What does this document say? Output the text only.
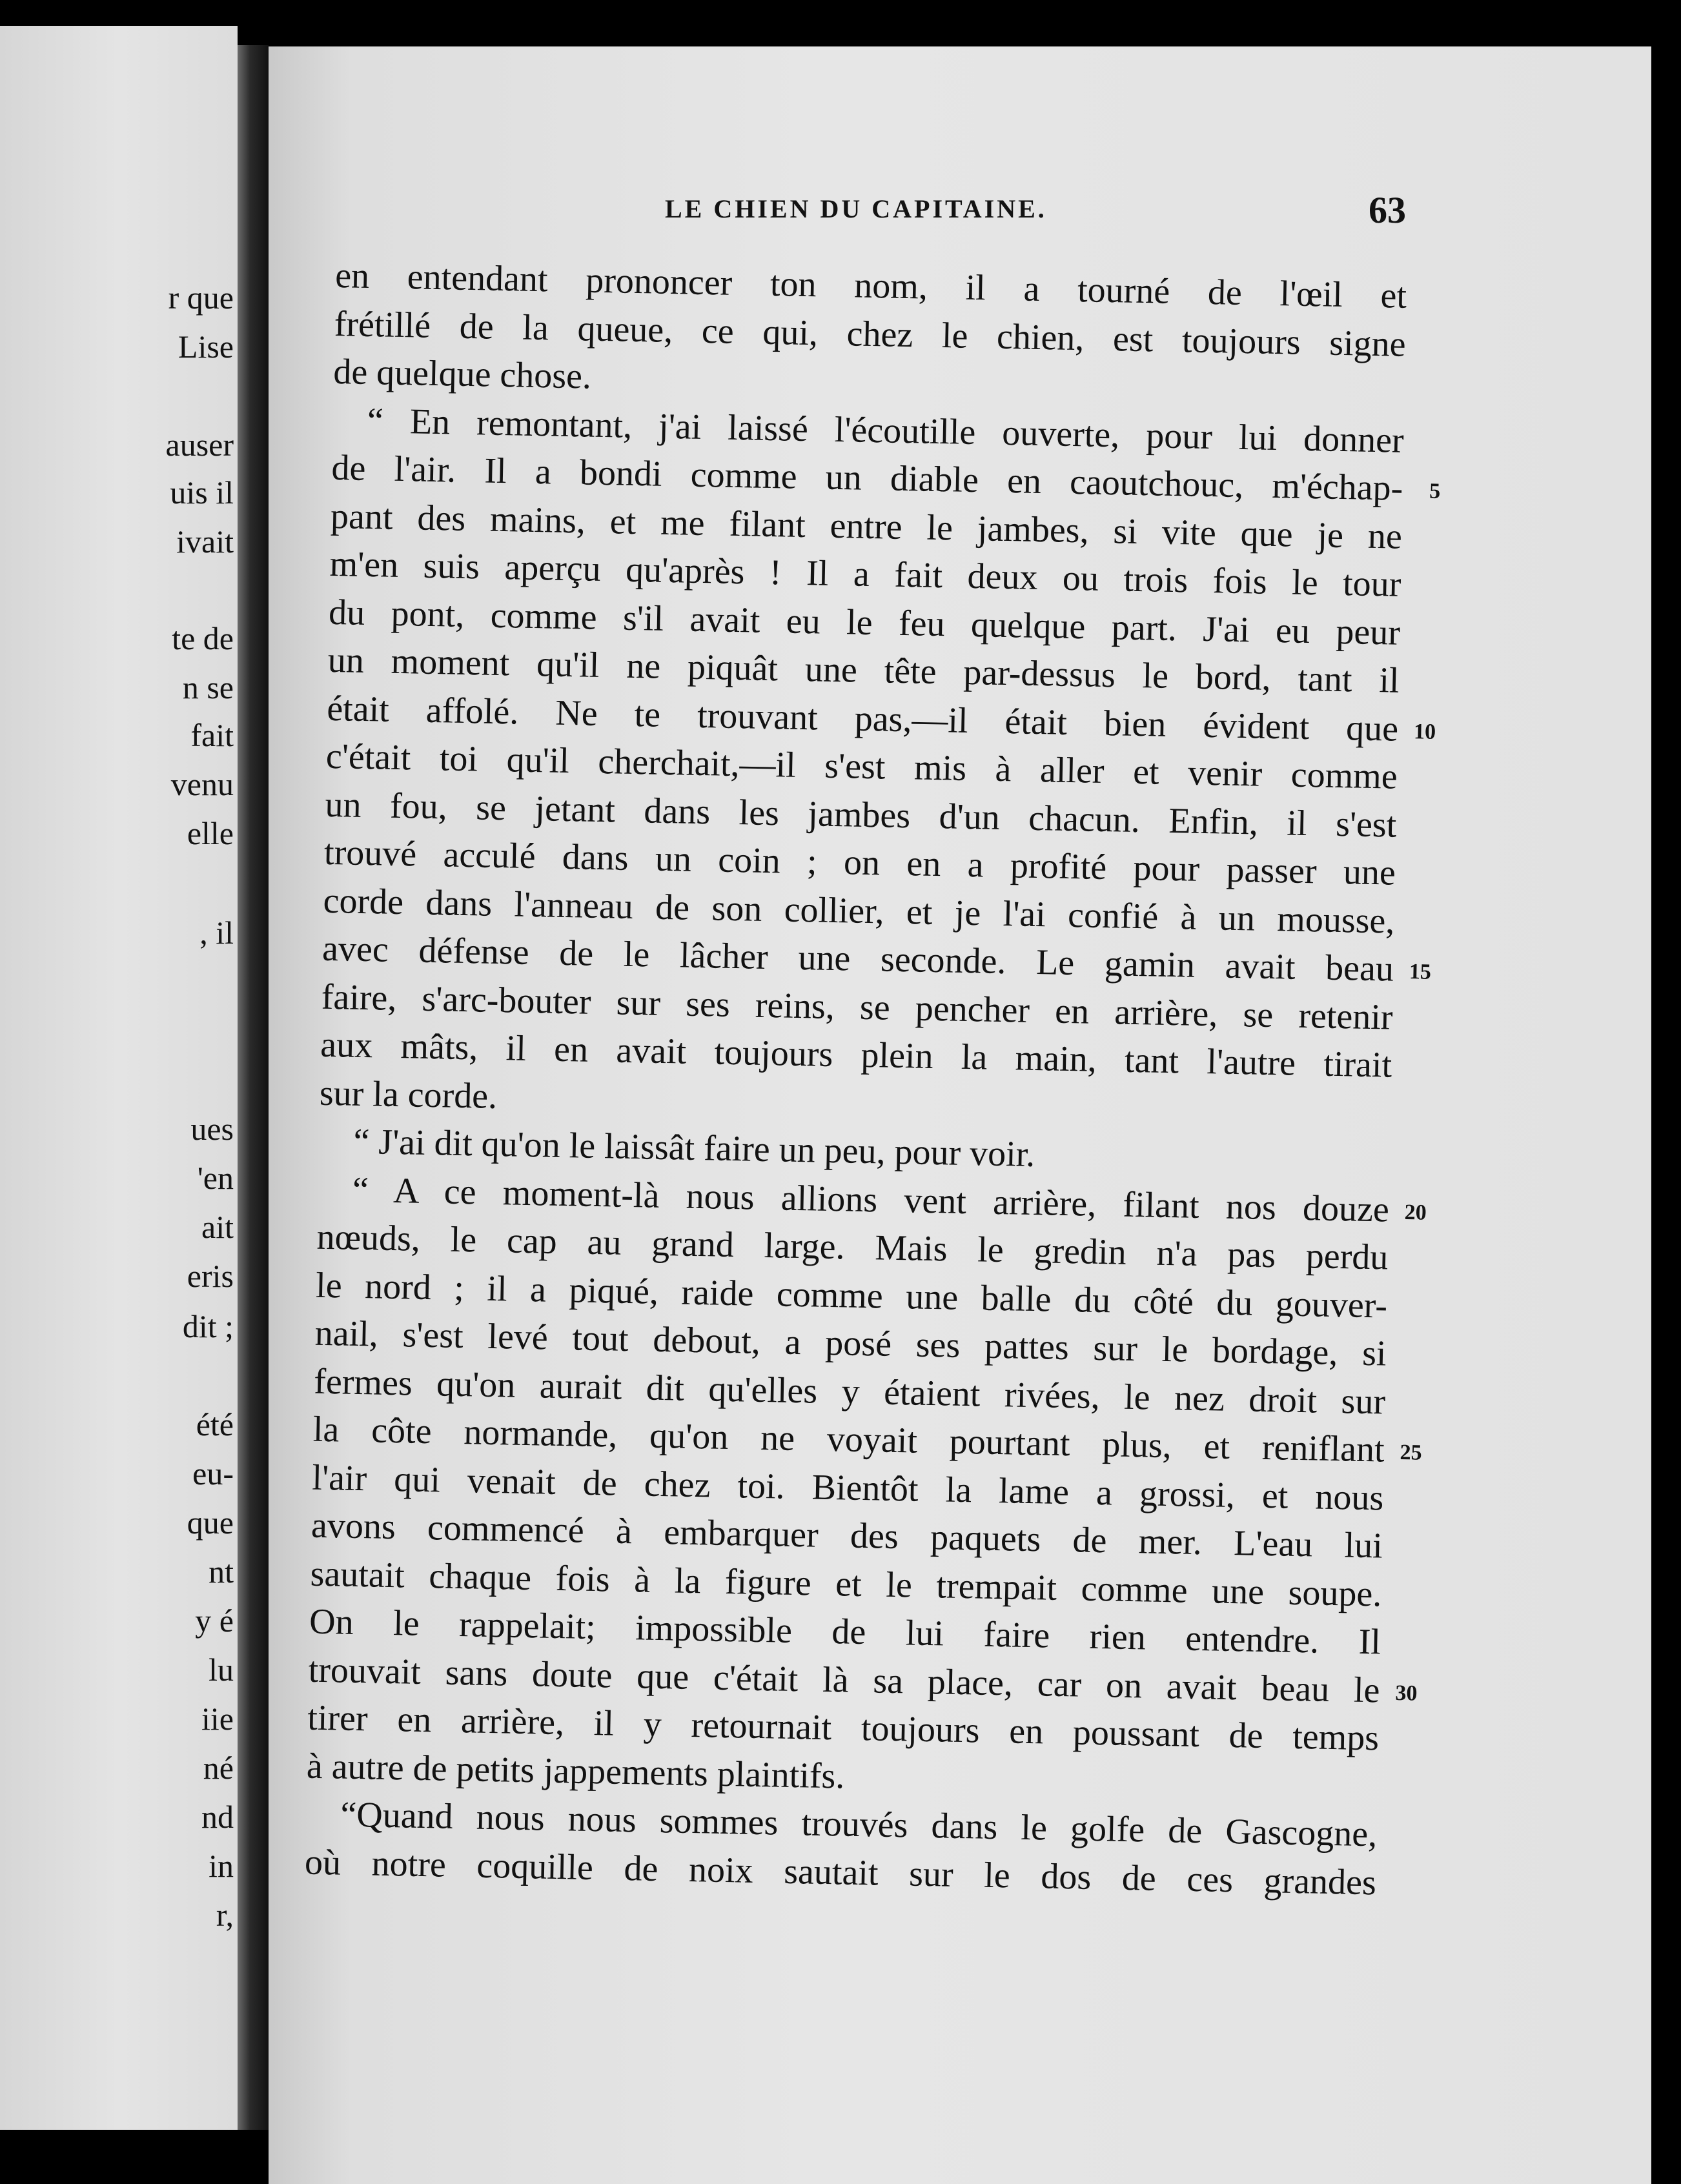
r que
Lise
auser
uis il
ivait
te de
n se
fait
venu
elle
, il
ues
'en
ait
eris
dit ;
été
eu-
que
nt
y é
lu
iie
né
nd
in
r,
LE CHIEN DU CAPITAINE.	63
en entendant prononcer ton nom, il a tourné de l'œil et
frétillé de la queue, ce qui, chez le chien, est toujours signe
de quelque chose.
“ En remontant, j'ai laissé l'écoutille ouverte, pour lui donner
de l'air. Il a bondi comme un diable en caoutchouc, m'échap- 5
pant des mains, et me filant entre le jambes, si vite que je ne
m'en suis aperçu qu'après ! Il a fait deux ou trois fois le tour
du pont, comme s'il avait eu le feu quelque part. J'ai eu peur
un moment qu'il ne piquât une tête par-dessus le bord, tant il
était affolé. Ne te trouvant pas,—il était bien évident que 10
c'était toi qu'il cherchait,—il s'est mis à aller et venir comme
un fou, se jetant dans les jambes d'un chacun. Enfin, il s'est
trouvé acculé dans un coin ; on en a profité pour passer une
corde dans l'anneau de son collier, et je l'ai confié à un mousse,
avec défense de le lâcher une seconde. Le gamin avait beau 15
faire, s'arc-bouter sur ses reins, se pencher en arrière, se retenir
aux mâts, il en avait toujours plein la main, tant l'autre tirait
sur la corde.
“ J'ai dit qu'on le laissât faire un peu, pour voir.
“ A ce moment-là nous allions vent arrière, filant nos douze 20
nœuds, le cap au grand large. Mais le gredin n'a pas perdu
le nord ; il a piqué, raide comme une balle du côté du gouver-
nail, s'est levé tout debout, a posé ses pattes sur le bordage, si
fermes qu'on aurait dit qu'elles y étaient rivées, le nez droit sur
la côte normande, qu'on ne voyait pourtant plus, et reniflant 25
l'air qui venait de chez toi. Bientôt la lame a grossi, et nous
avons commencé à embarquer des paquets de mer. L'eau lui
sautait chaque fois à la figure et le trempait comme une soupe.
On le rappelait; impossible de lui faire rien entendre. Il
trouvait sans doute que c'était là sa place, car on avait beau le 30
tirer en arrière, il y retournait toujours en poussant de temps
à autre de petits jappements plaintifs.
“Quand nous nous sommes trouvés dans le golfe de Gascogne,
où notre coquille de noix sautait sur le dos de ces grandes
